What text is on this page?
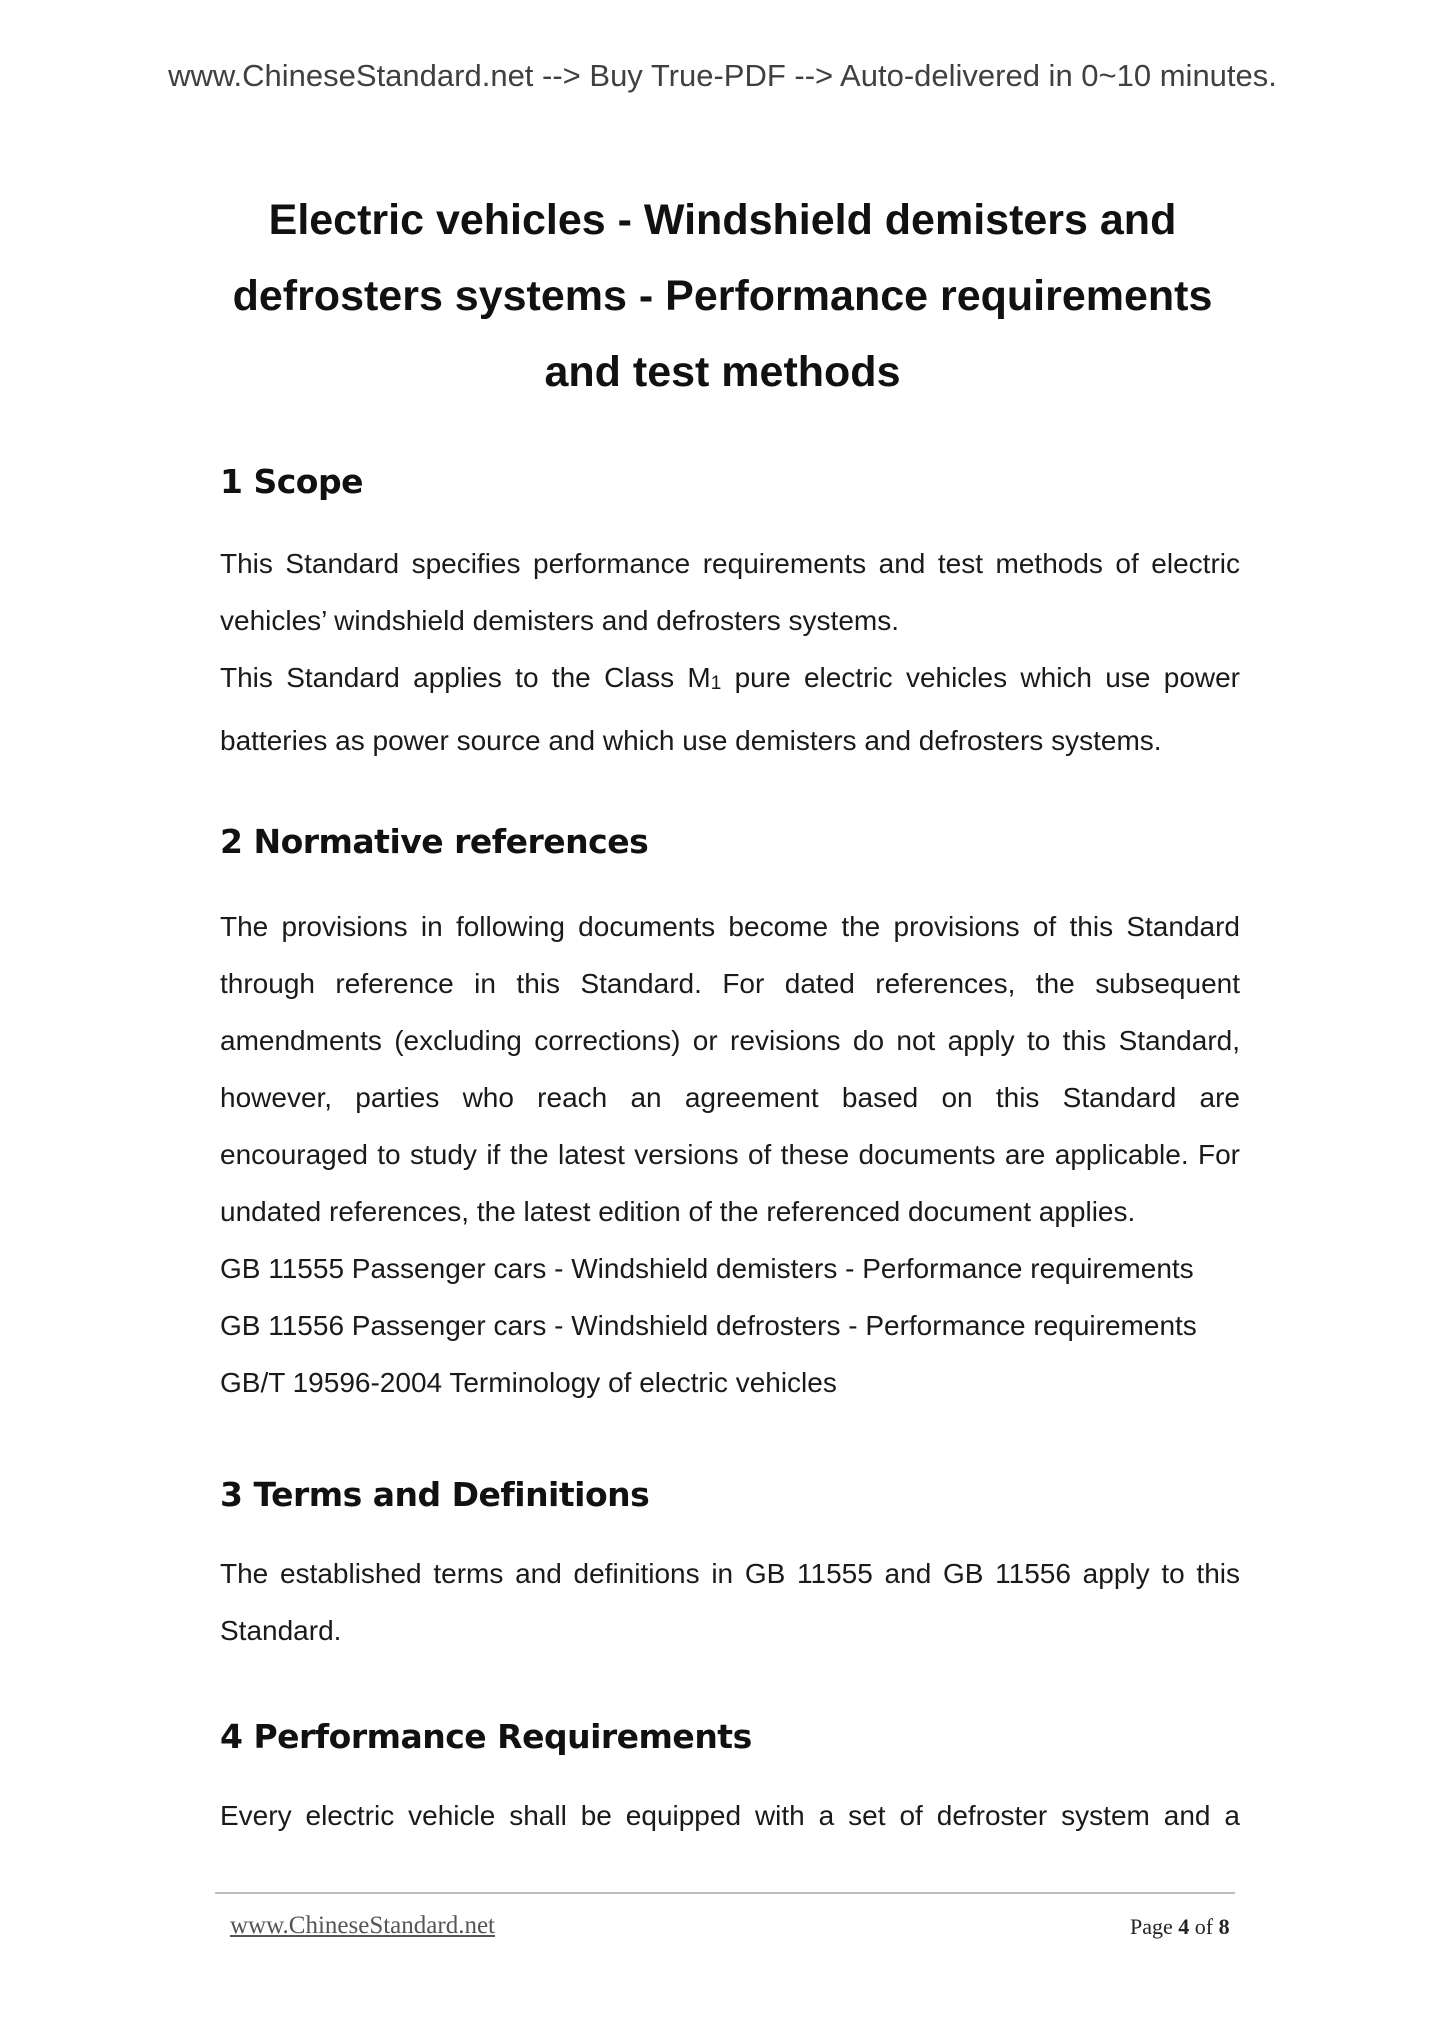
www.ChineseStandard.net --> Buy True-PDF --> Auto-delivered in 0~10 minutes.
Electric vehicles - Windshield demisters and
defrosters systems - Performance requirements
and test methods
1 Scope

This Standard specifies performance requirements and test methods of electric vehicles’ windshield demisters and defrosters systems.

This Standard applies to the Class $M_1$ pure electric vehicles which use power batteries as power source and which use demisters and defrosters systems.

2 Normative references

The provisions in following documents become the provisions of this Standard through reference in this Standard. For dated references, the subsequent amendments (excluding corrections) or revisions do not apply to this Standard, however, parties who reach an agreement based on this Standard are encouraged to study if the latest versions of these documents are applicable. For undated references, the latest edition of the referenced document applies.

GB 11555 Passenger cars - Windshield demisters - Performance requirements

GB 11556 Passenger cars - Windshield defrosters - Performance requirements

GB/T 19596-2004 Terminology of electric vehicles

3 Terms and Definitions

The established terms and definitions in GB 11555 and GB 11556 apply to this Standard.

4 Performance Requirements

Every electric vehicle shall be equipped with a set of defroster system and a

www.ChineseStandard.net	Page 4 of 8
